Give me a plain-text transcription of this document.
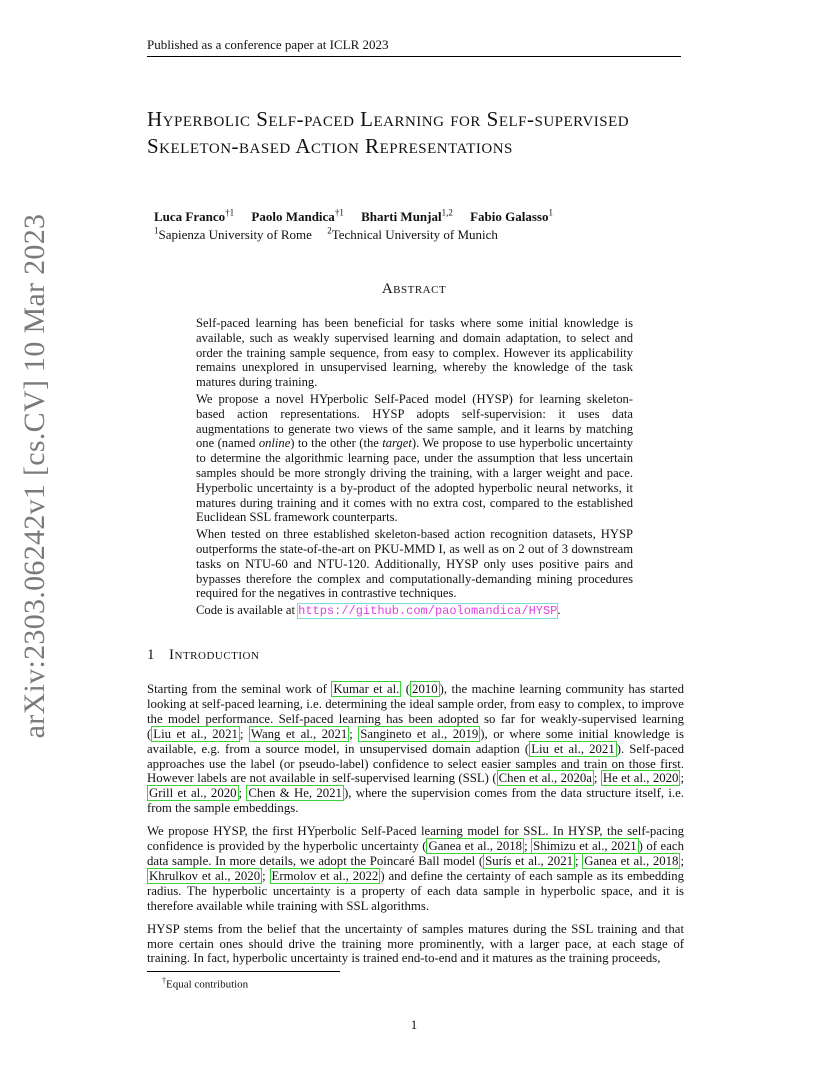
Published as a conference paper at ICLR 2023
arXiv:2303.06242v1 [cs.CV] 10 Mar 2023
Hyperbolic Self-paced Learning for Self-supervised Skeleton-based Action Representations
Luca Franco$^{\dagger 1}$ Paolo Mandica$^{\dagger 1}$ Bharti Munjal$^{1,2}$ Fabio Galasso$^1$
$^1$Sapienza University of Rome $^2$Technical University of Munich
Abstract

Self-paced learning has been beneficial for tasks where some initial knowledge is available, such as weakly supervised learning and domain adaptation, to select and order the training sample sequence, from easy to complex. However its applicability remains unexplored in unsupervised learning, whereby the knowledge of the task matures during training.

We propose a novel HYperbolic Self-Paced model (HYSP) for learning skeleton-based action representations. HYSP adopts self-supervision: it uses data augmentations to generate two views of the same sample, and it learns by matching one (named online) to the other (the target). We propose to use hyperbolic uncertainty to determine the algorithmic learning pace, under the assumption that less uncertain samples should be more strongly driving the training, with a larger weight and pace. Hyperbolic uncertainty is a by-product of the adopted hyperbolic neural networks, it matures during training and it comes with no extra cost, compared to the established Euclidean SSL framework counterparts.

When tested on three established skeleton-based action recognition datasets, HYSP outperforms the state-of-the-art on PKU-MMD I, as well as on 2 out of 3 downstream tasks on NTU-60 and NTU-120. Additionally, HYSP only uses positive pairs and bypasses therefore the complex and computationally-demanding mining procedures required for the negatives in contrastive techniques.

Code is available at https://github.com/paolomandica/HYSP.

1 Introduction

Starting from the seminal work of Kumar et al. ( 2010 ), the machine learning community has started looking at self-paced learning, i.e. determining the ideal sample order, from easy to complex, to improve the model performance. Self-paced learning has been adopted so far for weakly-supervised learning ( Liu et al., 2021 ; Wang et al., 2021 ; Sangineto et al., 2019 ), or where some initial knowledge is available, e.g. from a source model, in unsupervised domain adaption ( Liu et al., 2021 ). Self-paced approaches use the label (or pseudo-label) confidence to select easier samples and train on those first. However labels are not available in self-supervised learning (SSL) ( Chen et al., 2020a ; He et al., 2020 ; Grill et al., 2020 ; Chen & He, 2021 ), where the supervision comes from the data structure itself, i.e. from the sample embeddings.

We propose HYSP, the first HYperbolic Self-Paced learning model for SSL. In HYSP, the self-pacing confidence is provided by the hyperbolic uncertainty ( Ganea et al., 2018 ; Shimizu et al., 2021 ) of each data sample. In more details, we adopt the Poincaré Ball model ( Surís et al., 2021 ; Ganea et al., 2018 ; Khrulkov et al., 2020 ; Ermolov et al., 2022 ) and define the certainty of each sample as its embedding radius. The hyperbolic uncertainty is a property of each data sample in hyperbolic space, and it is therefore available while training with SSL algorithms.

HYSP stems from the belief that the uncertainty of samples matures during the SSL training and that more certain ones should drive the training more prominently, with a larger pace, at each stage of training. In fact, hyperbolic uncertainty is trained end-to-end and it matures as the training proceeds,

†Equal contribution
1
